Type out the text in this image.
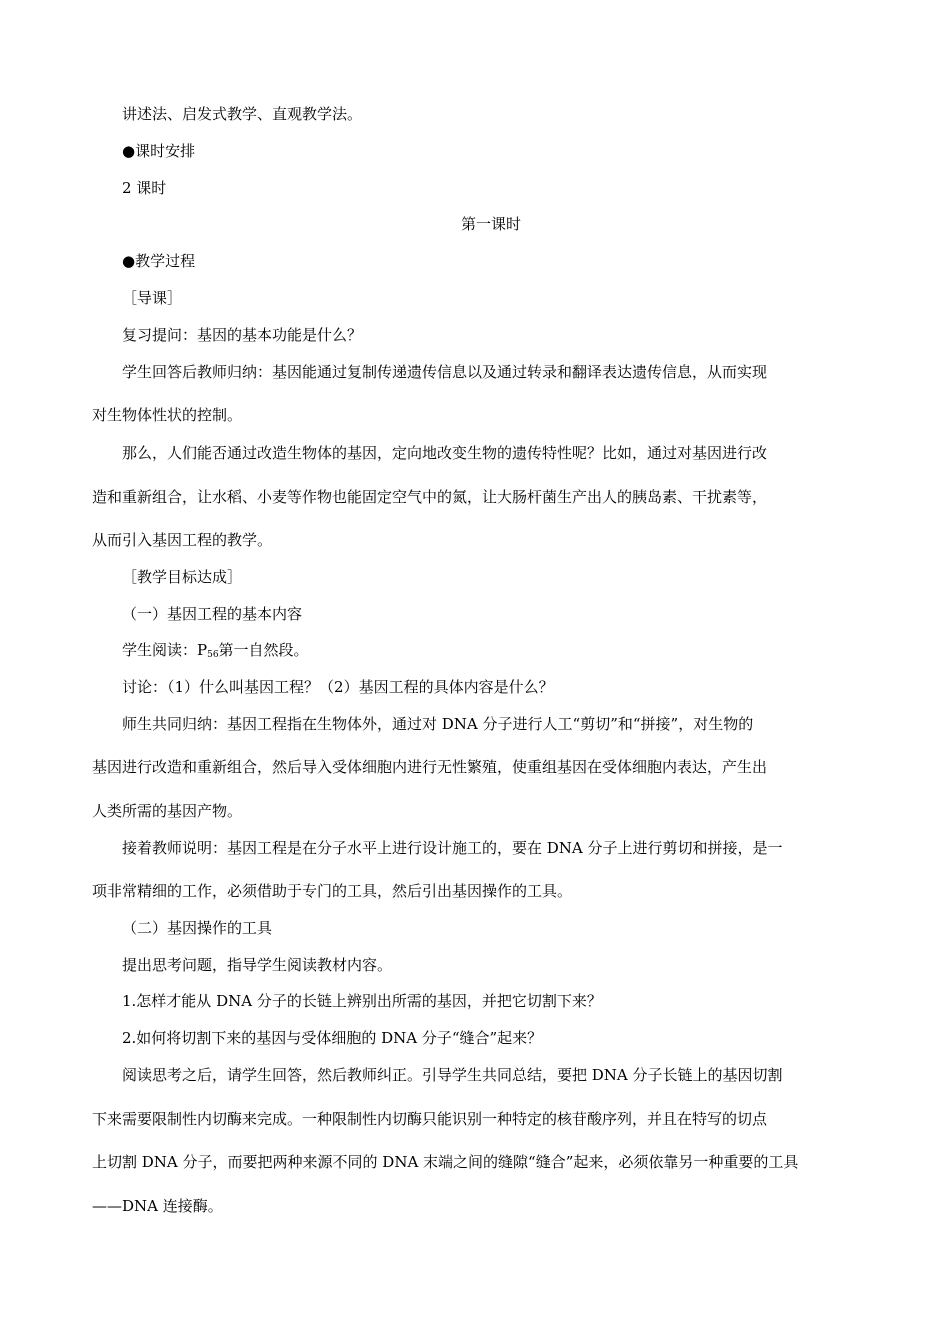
讲述法、启发式教学、直观教学法。
●课时安排
2 课时
第一课时
●教学过程
［导课］
复习提问：基因的基本功能是什么？
学生回答后教师归纳：基因能通过复制传递遗传信息以及通过转录和翻译表达遗传信息，从而实现
对生物体性状的控制。
那么，人们能否通过改造生物体的基因，定向地改变生物的遗传特性呢？比如，通过对基因进行改
造和重新组合，让水稻、小麦等作物也能固定空气中的氮，让大肠杆菌生产出人的胰岛素、干扰素等，
从而引入基因工程的教学。
［教学目标达成］
（一）基因工程的基本内容
学生阅读：$P_{56}$第一自然段。
讨论：（1）什么叫基因工程？（2）基因工程的具体内容是什么？
师生共同归纳：基因工程指在生物体外，通过对 DNA 分子进行人工“剪切”和“拼接”，对生物的
基因进行改造和重新组合，然后导入受体细胞内进行无性繁殖，使重组基因在受体细胞内表达，产生出
人类所需的基因产物。
接着教师说明：基因工程是在分子水平上进行设计施工的，要在 DNA 分子上进行剪切和拼接，是一
项非常精细的工作，必须借助于专门的工具，然后引出基因操作的工具。
（二）基因操作的工具
提出思考问题，指导学生阅读教材内容。
1.怎样才能从 DNA 分子的长链上辨别出所需的基因，并把它切割下来？
2.如何将切割下来的基因与受体细胞的 DNA 分子“缝合”起来？
阅读思考之后，请学生回答，然后教师纠正。引导学生共同总结，要把 DNA 分子长链上的基因切割
下来需要限制性内切酶来完成。一种限制性内切酶只能识别一种特定的核苷酸序列，并且在特写的切点
上切割 DNA 分子，而要把两种来源不同的 DNA 末端之间的缝隙“缝合”起来，必须依靠另一种重要的工具
——DNA 连接酶。
